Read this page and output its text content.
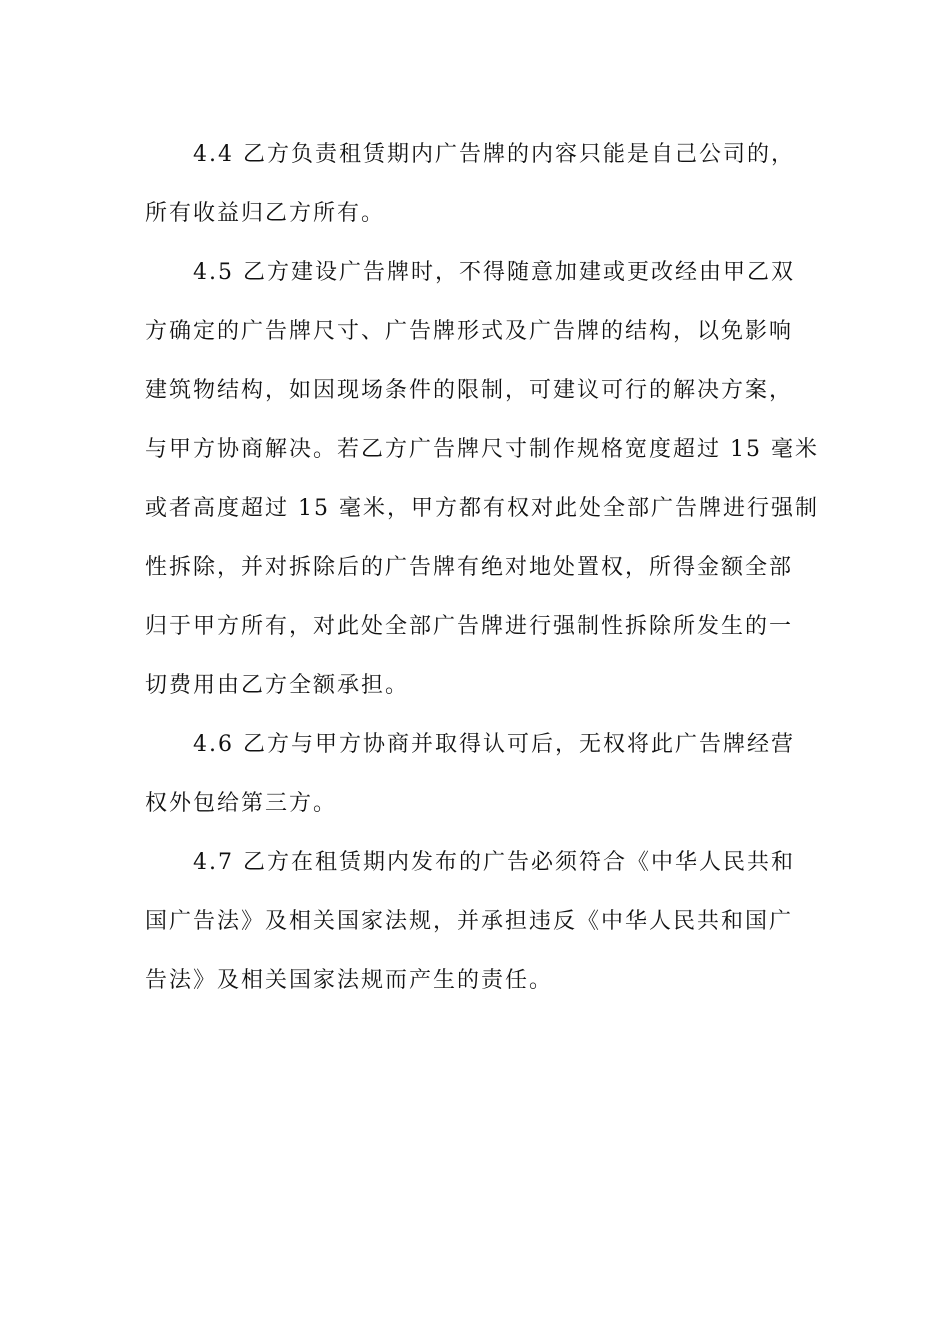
4.4 乙方负责租赁期内广告牌的内容只能是自己公司的，
所有收益归乙方所有。
4.5 乙方建设广告牌时，不得随意加建或更改经由甲乙双
方确定的广告牌尺寸、广告牌形式及广告牌的结构，以免影响
建筑物结构，如因现场条件的限制，可建议可行的解决方案，
与甲方协商解决。若乙方广告牌尺寸制作规格宽度超过 15 毫米
或者高度超过 15 毫米，甲方都有权对此处全部广告牌进行强制
性拆除，并对拆除后的广告牌有绝对地处置权，所得金额全部
归于甲方所有，对此处全部广告牌进行强制性拆除所发生的一
切费用由乙方全额承担。
4.6 乙方与甲方协商并取得认可后，无权将此广告牌经营
权外包给第三方。
4.7 乙方在租赁期内发布的广告必须符合《中华人民共和
国广告法》及相关国家法规，并承担违反《中华人民共和国广
告法》及相关国家法规而产生的责任。
